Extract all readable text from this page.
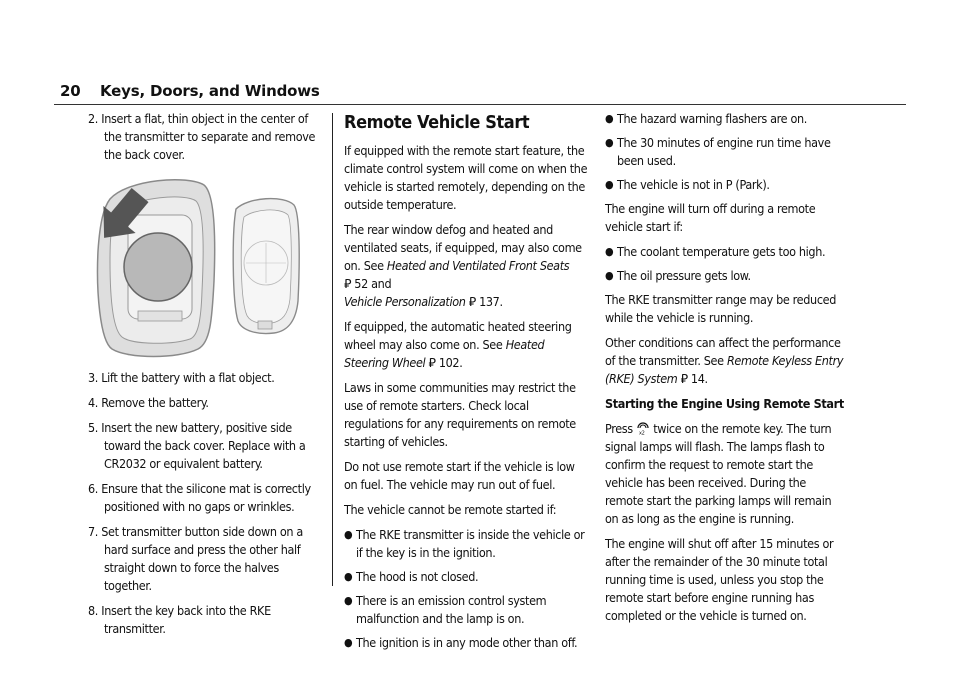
20 Keys, Doors, and Windows

2. Insert a flat, thin object in the center of the transmitter to separate and remove the back cover.

3. Lift the battery with a flat object.

4. Remove the battery.

5. Insert the new battery, positive side toward the back cover. Replace with a CR2032 or equivalent battery.

6. Ensure that the silicone mat is correctly positioned with no gaps or wrinkles.

7. Set transmitter button side down on a hard surface and press the other half straight down to force the halves together.

8. Insert the key back into the RKE transmitter.

Remote Vehicle Start

If equipped with the remote start feature, the climate control system will come on when the vehicle is started remotely, depending on the outside temperature.

The rear window defog and heated and ventilated seats, if equipped, may also come on. See Heated and Ventilated Front Seats
⃄ 52 and
Vehicle Personalization ⃄ 137.

If equipped, the automatic heated steering wheel may also come on. See Heated Steering Wheel ⃄ 102.

Laws in some communities may restrict the use of remote starters. Check local regulations for any requirements on remote starting of vehicles.

Do not use remote start if the vehicle is low on fuel. The vehicle may run out of fuel.

The vehicle cannot be remote started if:

● The RKE transmitter is inside the vehicle or if the key is in the ignition.
● The hood is not closed.
● There is an emission control system malfunction and the lamp is on.
● The ignition is in any mode other than off.
● The hazard warning flashers are on.
● The 30 minutes of engine run time have been used.
● The vehicle is not in P (Park).

The engine will turn off during a remote vehicle start if:

● The coolant temperature gets too high.
● The oil pressure gets low.

The RKE transmitter range may be reduced while the vehicle is running.

Other conditions can affect the performance of the transmitter. See Remote Keyless Entry (RKE) System ⃄ 14.

Starting the Engine Using Remote Start

Press x2 twice on the remote key. The turn signal lamps will flash. The lamps flash to confirm the request to remote start the vehicle has been received. During the remote start the parking lamps will remain on as long as the engine is running.

The engine will shut off after 15 minutes or after the remainder of the 30 minute total running time is used, unless you stop the remote start before engine running has completed or the vehicle is turned on.
